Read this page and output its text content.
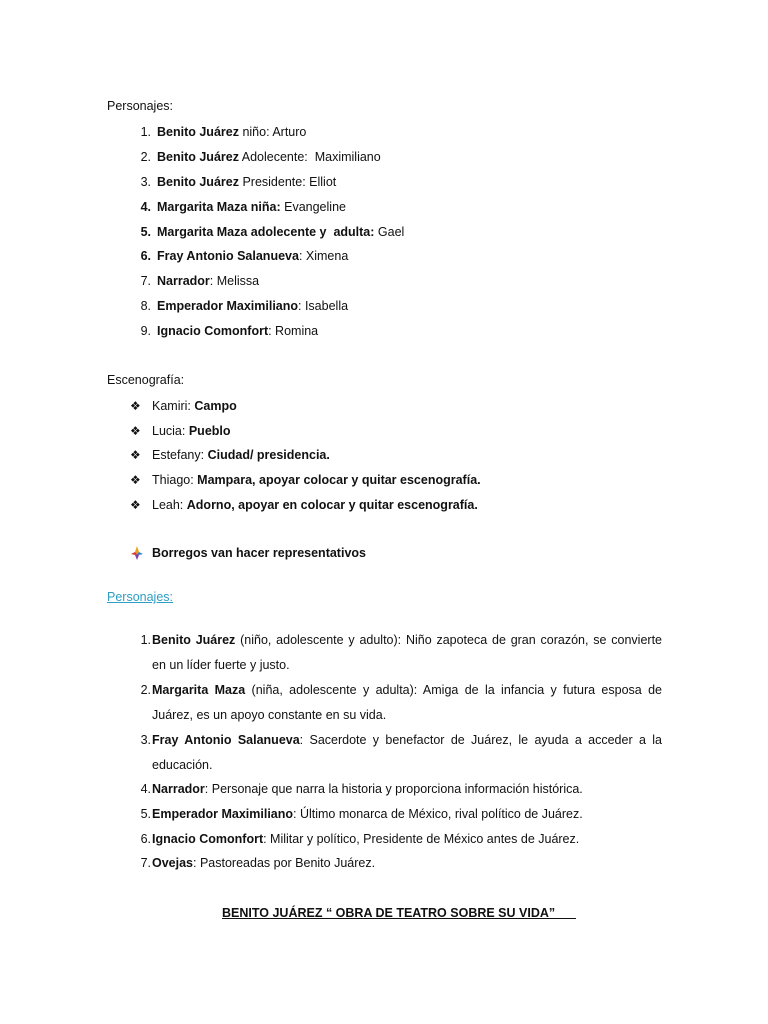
Personajes:
1. Benito Juárez niño: Arturo
2. Benito Juárez Adolecente:  Maximiliano
3. Benito Juárez Presidente: Elliot
4. Margarita Maza niña: Evangeline
5. Margarita Maza adolecente y  adulta: Gael
6. Fray Antonio Salanueva: Ximena
7. Narrador: Melissa
8. Emperador Maximiliano: Isabella
9. Ignacio Comonfort: Romina
Escenografía:
❖ Kamiri: Campo
❖ Lucia: Pueblo
❖ Estefany: Ciudad/ presidencia.
❖ Thiago: Mampara, apoyar colocar y quitar escenografía.
❖ Leah: Adorno, apoyar en colocar y quitar escenografía.
Borregos van hacer representativos
Personajes:
1. Benito Juárez (niño, adolescente y adulto): Niño zapoteca de gran corazón, se convierte en un líder fuerte y justo.
2. Margarita Maza (niña, adolescente y adulta): Amiga de la infancia y futura esposa de Juárez, es un apoyo constante en su vida.
3. Fray Antonio Salanueva: Sacerdote y benefactor de Juárez, le ayuda a acceder a la educación.
4. Narrador: Personaje que narra la historia y proporciona información histórica.
5. Emperador Maximiliano: Último monarca de México, rival político de Juárez.
6. Ignacio Comonfort: Militar y político, Presidente de México antes de Juárez.
7. Ovejas: Pastoreadas por Benito Juárez.
BENITO JUÁREZ “ OBRA DE TEATRO SOBRE SU VIDA”___
